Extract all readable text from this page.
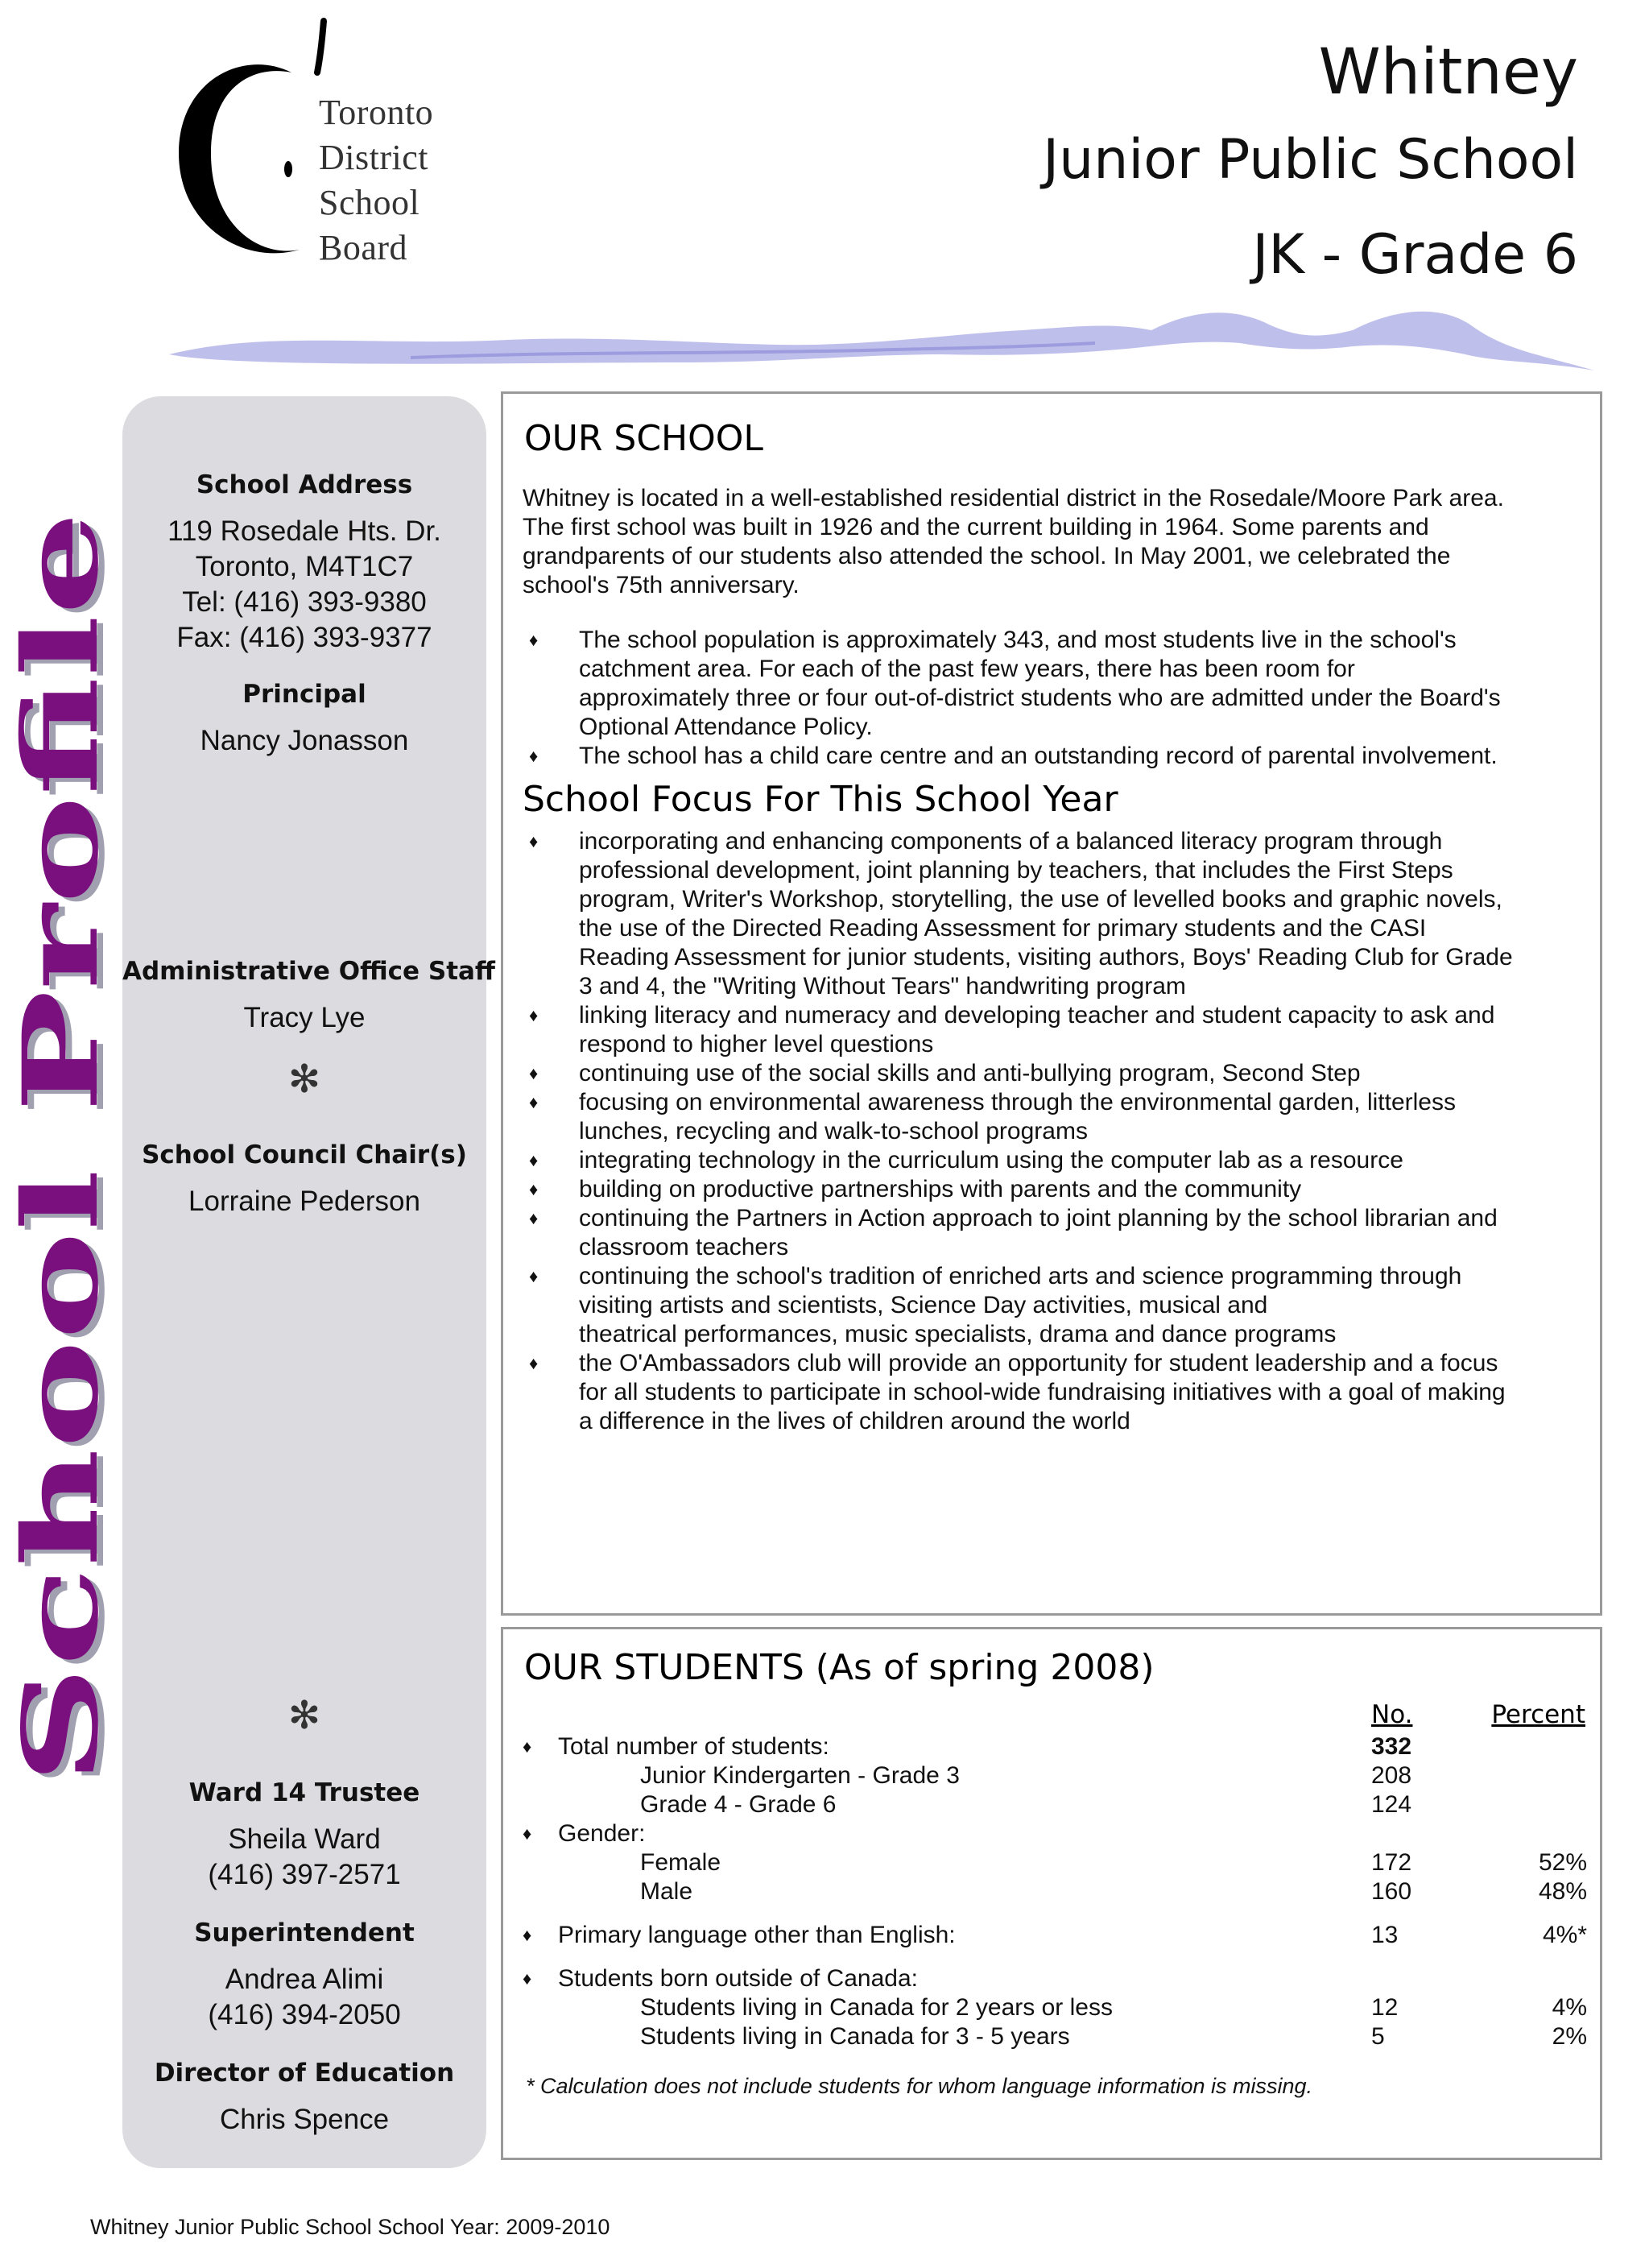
Toronto
District
School
Board
Whitney
Junior Public School
JK - Grade 6
School Profile
School Profile
School Address
119 Rosedale Hts. Dr.
Toronto, M4T1C7
Tel: (416) 393-9380
Fax: (416) 393-9377
Principal
Nancy Jonasson
Administrative Office Staff
Tracy Lye
✻
School Council Chair(s)
Lorraine Pederson
✻
Ward 14 Trustee
Sheila Ward
(416) 397-2571
Superintendent
Andrea Alimi
(416) 394-2050
Director of Education
Chris Spence
OUR SCHOOL
Whitney is located in a well-established residential district in the Rosedale/Moore Park area.
The first school was built in 1926 and the current building in 1964. Some parents and
grandparents of our students also attended the school. In May 2001, we celebrated the
school's 75th anniversary.
♦ The school population is approximately 343, and most students live in the school's
catchment area. For each of the past few years, there has been room for
approximately three or four out-of-district students who are admitted under the Board's
Optional Attendance Policy.
♦ The school has a child care centre and an outstanding record of parental involvement.
School Focus For This School Year
♦ incorporating and enhancing components of a balanced literacy program through
professional development, joint planning by teachers, that includes the First Steps
program, Writer's Workshop, storytelling, the use of levelled books and graphic novels,
the use of the Directed Reading Assessment for primary students and the CASI
Reading Assessment for junior students, visiting authors, Boys' Reading Club for Grade
3 and 4, the "Writing Without Tears" handwriting program
♦ linking literacy and numeracy and developing teacher and student capacity to ask and
respond to higher level questions
♦ continuing use of the social skills and anti-bullying program, Second Step
♦ focusing on environmental awareness through the environmental garden, litterless
lunches, recycling and walk-to-school programs
♦ integrating technology in the curriculum using the computer lab as a resource
♦ building on productive partnerships with parents and the community
♦ continuing the Partners in Action approach to joint planning by the school librarian and
classroom teachers
♦ continuing the school's tradition of enriched arts and science programming through
visiting artists and scientists, Science Day activities, musical and
theatrical performances, music specialists, drama and dance programs
♦ the O'Ambassadors club will provide an opportunity for student leadership and a focus
for all students to participate in school-wide fundraising initiatives with a goal of making
a difference in the lives of children around the world
OUR STUDENTS (As of spring 2008)
No.	Percent
♦ Total number of students:	332
Junior Kindergarten - Grade 3	208
Grade 4 - Grade 6	124
♦ Gender:
Female	172	52%
Male	160	48%
♦ Primary language other than English:	13	4%*
♦ Students born outside of Canada:
Students living in Canada for 2 years or less	12	4%
Students living in Canada for 3 - 5 years	5	2%
* Calculation does not include students for whom language information is missing.
Whitney Junior Public School School Year: 2009-2010
